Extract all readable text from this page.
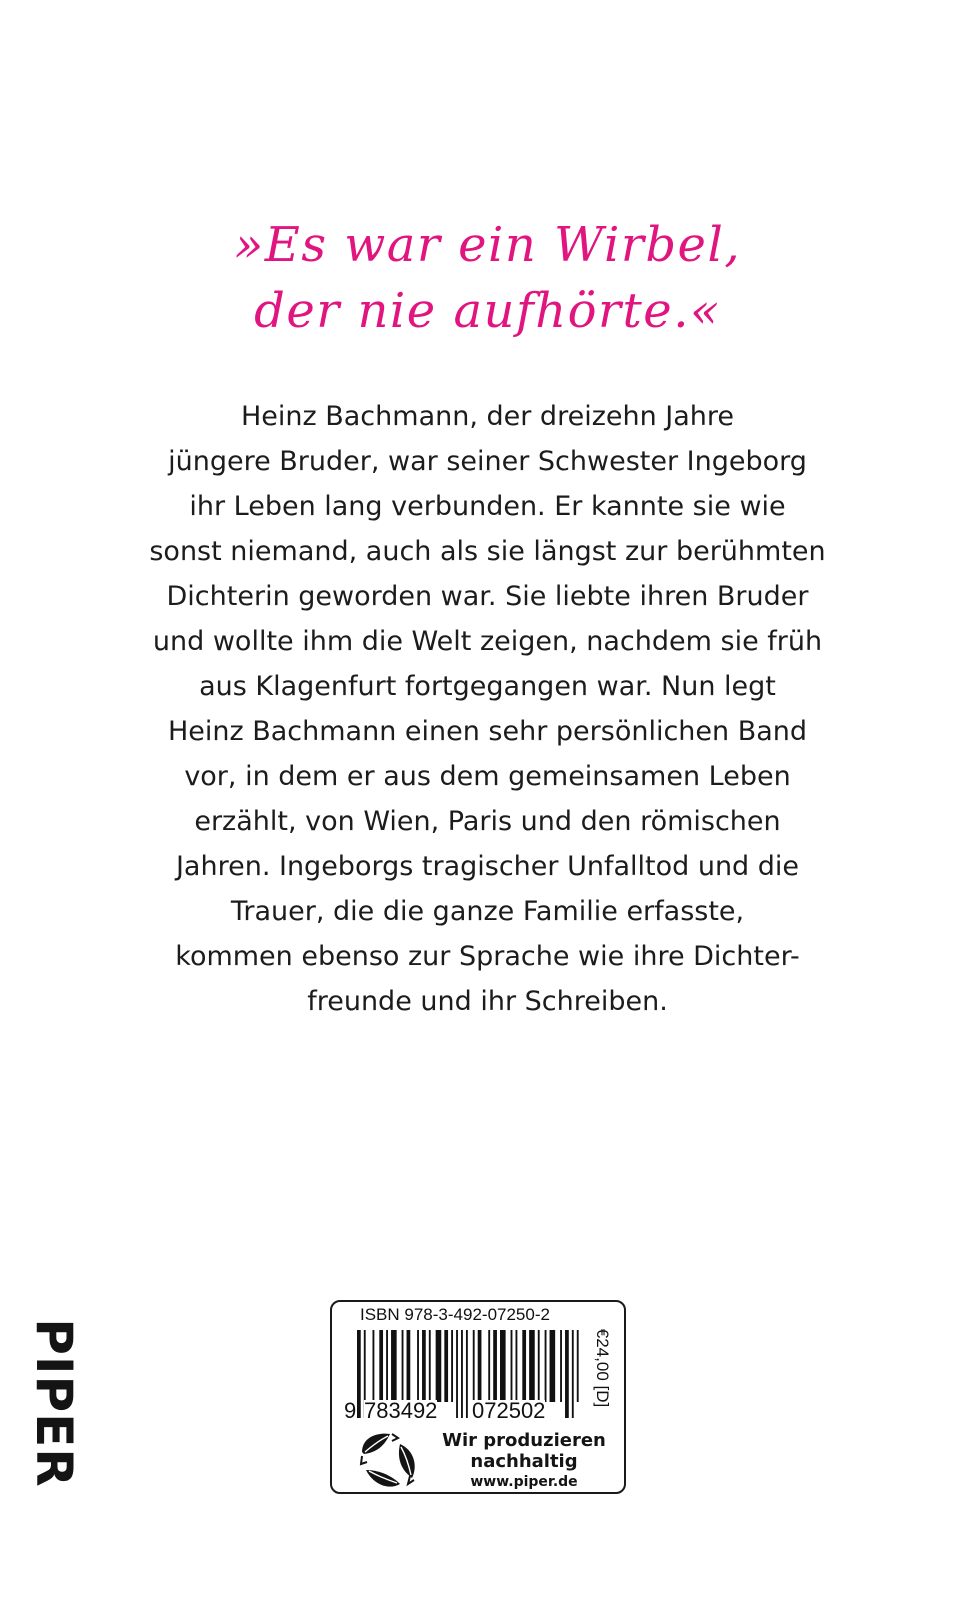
»Es war ein Wirbel,
der nie aufhörte.«
Heinz Bachmann, der dreizehn Jahre
jüngere Bruder, war seiner Schwester Ingeborg
ihr Leben lang verbunden. Er kannte sie wie
sonst niemand, auch als sie längst zur berühmten
Dichterin geworden war. Sie liebte ihren Bruder
und wollte ihm die Welt zeigen, nachdem sie früh
aus Klagenfurt fortgegangen war. Nun legt
Heinz Bachmann einen sehr persönlichen Band
vor, in dem er aus dem gemeinsamen Leben
erzählt, von Wien, Paris und den römischen
Jahren. Ingeborgs tragischer Unfalltod und die
Trauer, die die ganze Familie erfasste,
kommen ebenso zur Sprache wie ihre Dichter-
freunde und ihr Schreiben.
PIPER
ISBN 978-3-492-07250-2
9 783492 072502
€24,00 [D]
Wir produzieren
nachhaltig
www.piper.de
